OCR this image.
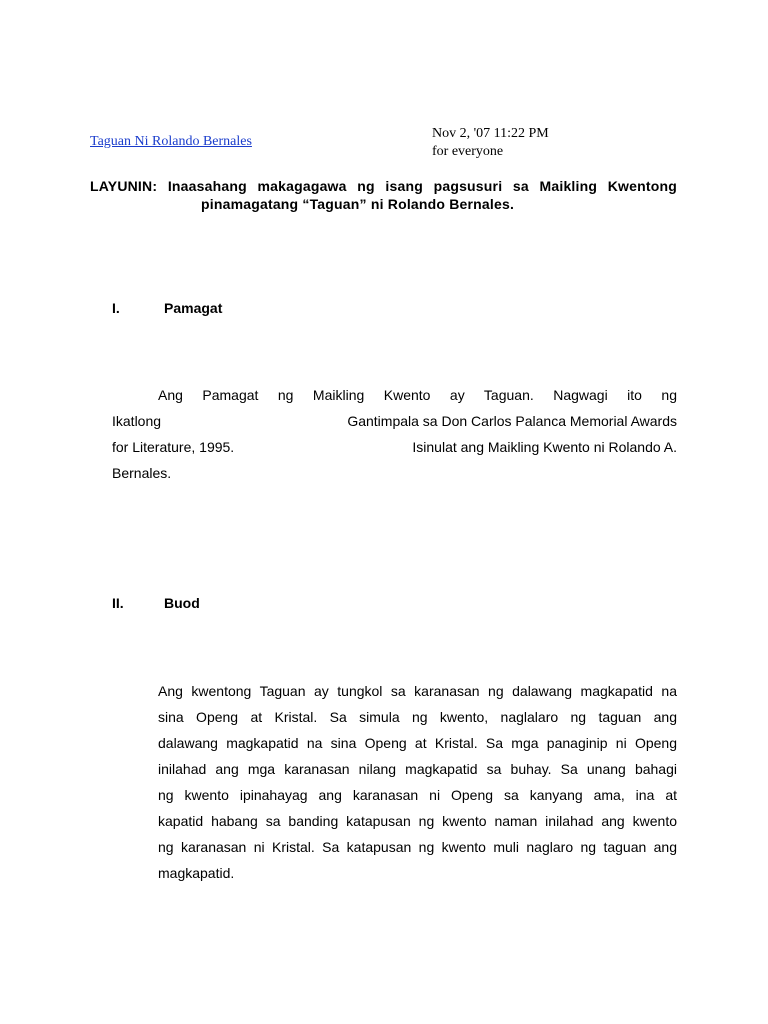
Taguan Ni Rolando Bernales
Nov 2, '07 11:22 PM
for everyone
LAYUNIN: Inaasahang makagagawa ng isang pagsusuri sa Maikling Kwentong
pinamagatang “Taguan” ni Rolando Bernales.
I.	Pamagat
Ang Pamagat ng Maikling Kwento ay Taguan. Nagwagi ito ng
Ikatlong	Gantimpala sa Don Carlos Palanca Memorial Awards
for Literature, 1995.	Isinulat ang Maikling Kwento ni Rolando A.
Bernales.
II.	Buod
Ang kwentong Taguan ay tungkol sa karanasan ng dalawang magkapatid na
sina Openg at Kristal. Sa simula ng kwento, naglalaro ng taguan ang
dalawang magkapatid na sina Openg at Kristal. Sa mga panaginip ni Openg
inilahad ang mga karanasan nilang magkapatid sa buhay. Sa unang bahagi
ng kwento ipinahayag ang karanasan ni Openg sa kanyang ama, ina at
kapatid habang sa banding katapusan ng kwento naman inilahad ang kwento
ng karanasan ni Kristal. Sa katapusan ng kwento muli naglaro ng taguan ang
magkapatid.
